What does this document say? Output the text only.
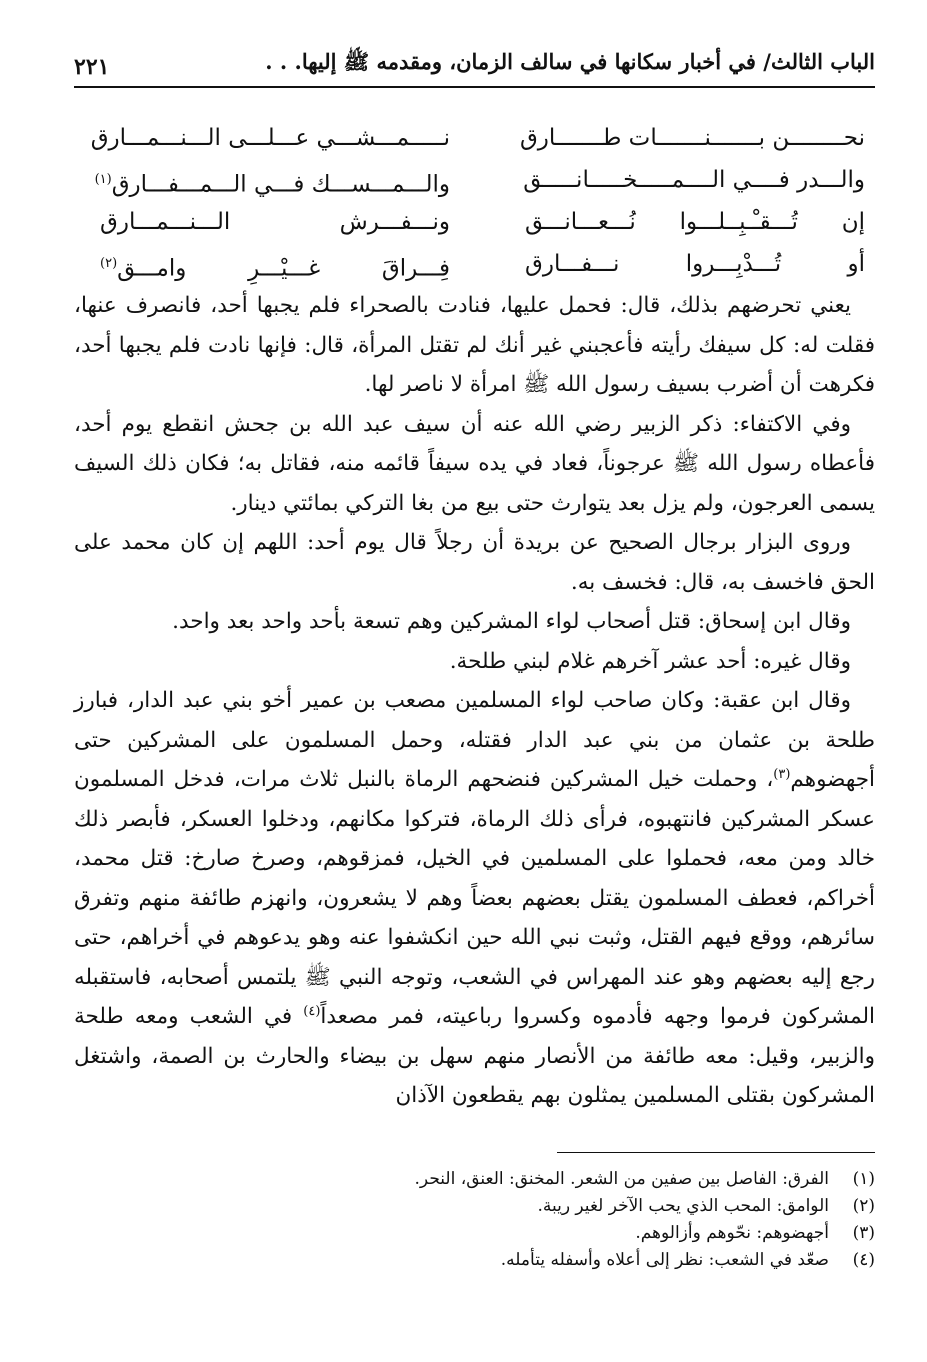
الباب الثالث/ في أخبار سكانها في سالف الزمان، ومقدمه ﷺ إليها. . .
٢٢١
نحــــــــن بـــــــنـــــــات طـــــــارق
نـــــمـــشـــي عـــلـــى الـــنـــمـــارق
والـــدر فــــي الــــمـــــخـــــانـــــق
والـــمـــســـك فـــي الـــمـــفـــارق$^{(١)}$
إن تُـــقـْـبِــلـــوا نُـــعـــانـــق
ونـــفـــرش الـــنـــمـــارق
أو تُـــدْبِـــروا نـــفـــارق
فِـــراقَ غـــيْـــرِ وامـــق$^{(٢)}$

يعني تحرضهم بذلك، قال: فحمل عليها، فنادت بالصحراء فلم يجبها أحد، فانصرف عنها، فقلت له: كل سيفك رأيته فأعجبني غير أنك لم تقتل المرأة، قال: فإنها نادت فلم يجبها أحد، فكرهت أن أضرب بسيف رسول الله ﷺ امرأة لا ناصر لها.

وفي الاكتفاء: ذكر الزبير رضي الله عنه أن سيف عبد الله بن جحش انقطع يوم أحد، فأعطاه رسول الله ﷺ عرجوناً، فعاد في يده سيفاً قائمه منه، فقاتل به؛ فكان ذلك السيف يسمى العرجون، ولم يزل بعد يتوارث حتى بيع من بغا التركي بمائتي دينار.

وروى البزار برجال الصحيح عن بريدة أن رجلاً قال يوم أحد: اللهم إن كان محمد على الحق فاخسف به، قال: فخسف به.

وقال ابن إسحاق: قتل أصحاب لواء المشركين وهم تسعة بأحد واحد بعد واحد.

وقال غيره: أحد عشر آخرهم غلام لبني طلحة.

وقال ابن عقبة: وكان صاحب لواء المسلمين مصعب بن عمير أخو بني عبد الدار، فبارز طلحة بن عثمان من بني عبد الدار فقتله، وحمل المسلمون على المشركين حتى أجهضوهم$^{(٣)}$، وحملت خيل المشركين فنضحهم الرماة بالنبل ثلاث مرات، فدخل المسلمون عسكر المشركين فانتهبوه، فرأى ذلك الرماة، فتركوا مكانهم، ودخلوا العسكر، فأبصر ذلك خالد ومن معه، فحملوا على المسلمين في الخيل، فمزقوهم، وصرخ صارخ: قتل محمد، أخراكم، فعطف المسلمون يقتل بعضهم بعضاً وهم لا يشعرون، وانهزم طائفة منهم وتفرق سائرهم، ووقع فيهم القتل، وثبت نبي الله حين انكشفوا عنه وهو يدعوهم في أخراهم، حتى رجع إليه بعضهم وهو عند المهراس في الشعب، وتوجه النبي ﷺ يلتمس أصحابه، فاستقبله المشركون فرموا وجهه فأدموه وكسروا رباعيته، فمر مصعداً$^{(٤)}$ في الشعب ومعه طلحة والزبير، وقيل: معه طائفة من الأنصار منهم سهل بن بيضاء والحارث بن الصمة، واشتغل المشركون بقتلى المسلمين يمثلون بهم يقطعون الآذان

(١)
الفرق: الفاصل بين صفين من الشعر. المخنق: العنق، النحر.
(٢)
الوامق: المحب الذي يحب الآخر لغير ريبة.
(٣)
أجهضوهم: نحّوهم وأزالوهم.
(٤)
صعّد في الشعب: نظر إلى أعلاه وأسفله يتأمله.
